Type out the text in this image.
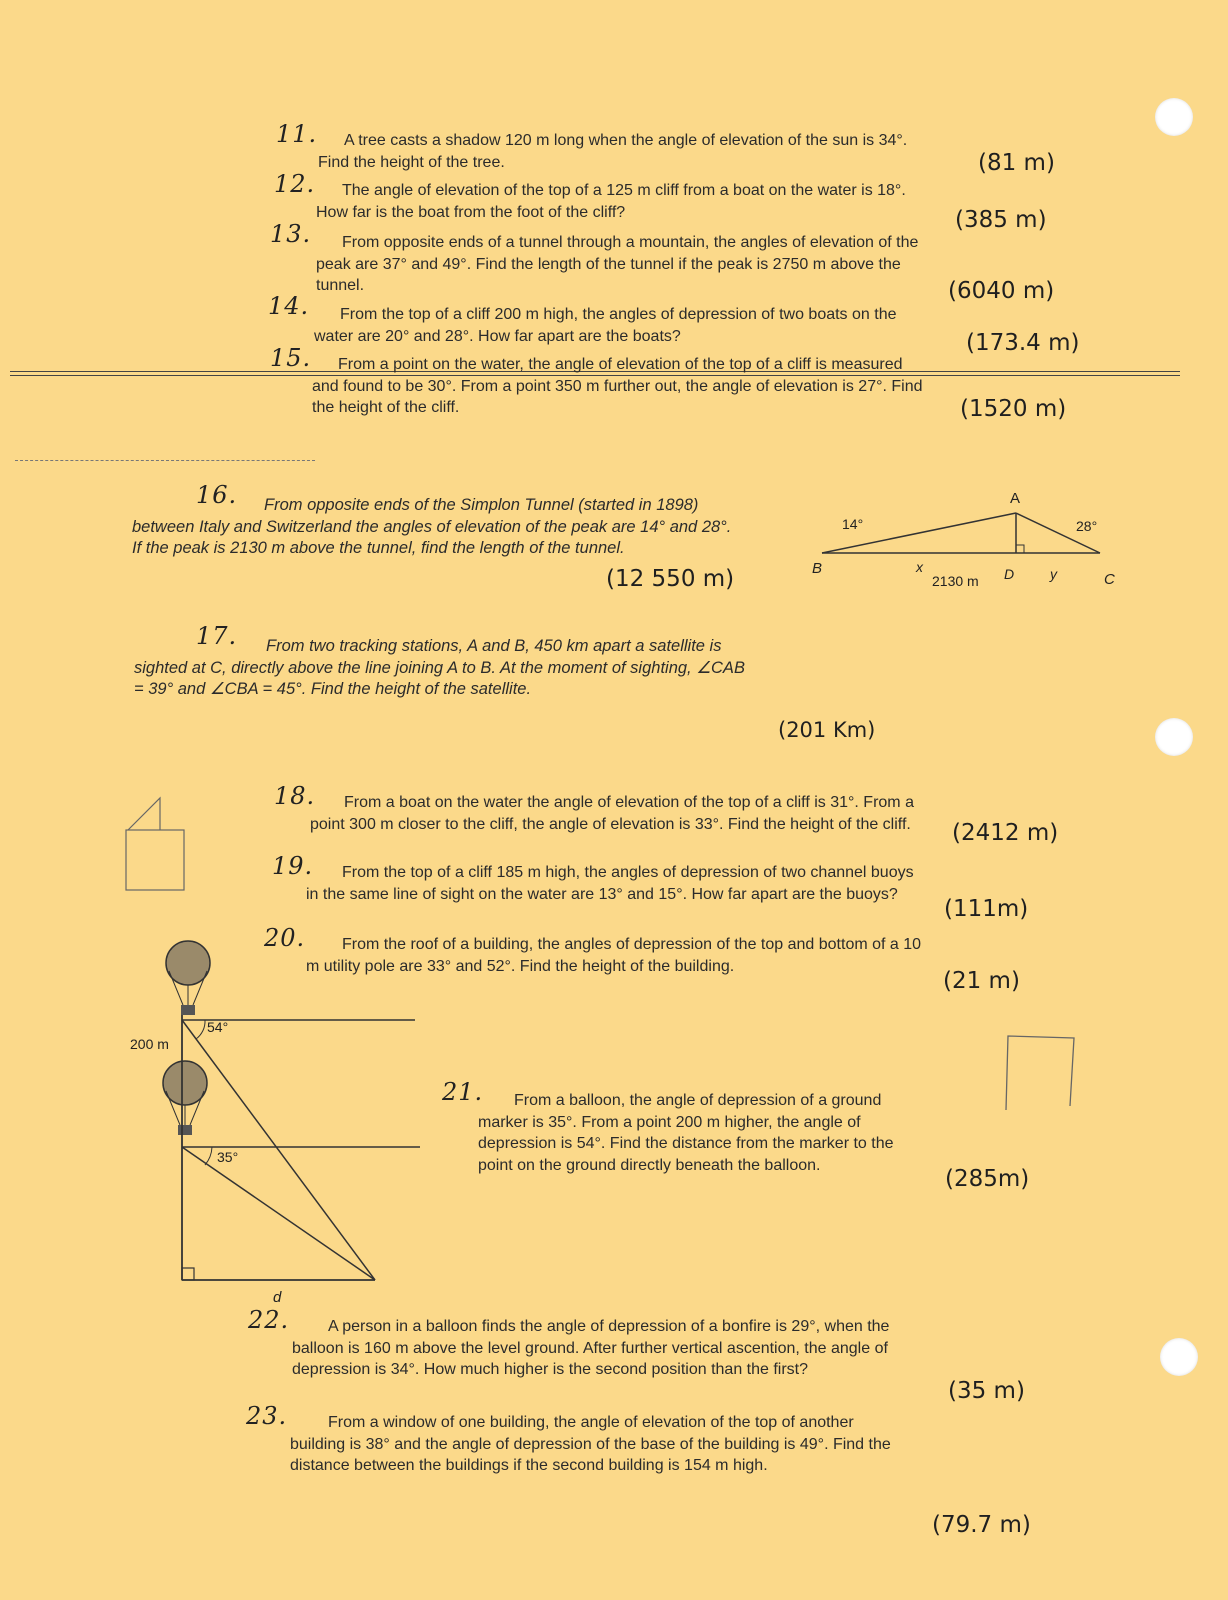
11.	A tree casts a shadow 120 m long when the angle of elevation of the sun is 34°. Find the height of the tree.	(81 m)
12.	The angle of elevation of the top of a 125 m cliff from a boat on the water is 18°. How far is the boat from the foot of the cliff?	(385 m)
13.	From opposite ends of a tunnel through a mountain, the angles of elevation of the peak are 37° and 49°. Find the length of the tunnel if the peak is 2750 m above the tunnel.	(6040 m)
14.	From the top of a cliff 200 m high, the angles of depression of two boats on the water are 20° and 28°. How far apart are the boats?	(173.4 m)
15.	From a point on the water, the angle of elevation of the top of a cliff is measured and found to be 30°. From a point 350 m further out, the angle of elevation is 27°. Find the height of the cliff.	(1520 m)
16.	From opposite ends of the Simplon Tunnel (started in 1898) between Italy and Switzerland the angles of elevation of the peak are 14° and 28°. If the peak is 2130 m above the tunnel, find the length of the tunnel.
(12 550 m)
A
B
C
D
x	y
14°	28°
2130 m
17.	From two tracking stations, A and B, 450 km apart a satellite is sighted at C, directly above the line joining A to B. At the moment of sighting, ∠CAB = 39° and ∠CBA = 45°. Find the height of the satellite.
(201 Km)
18.	From a boat on the water the angle of elevation of the top of a cliff is 31°. From a point 300 m closer to the cliff, the angle of elevation is 33°. Find the height of the cliff.	(2412 m)
19.	From the top of a cliff 185 m high, the angles of depression of two channel buoys in the same line of sight on the water are 13° and 15°. How far apart are the buoys?
(111m)
20.	From the roof of a building, the angles of depression of the top and bottom of a 10 m utility pole are 33° and 52°. Find the height of the building.
(21 m)
54°
35°
200 m
d
21.	From a balloon, the angle of depression of a ground marker is 35°. From a point 200 m higher, the angle of depression is 54°. Find the distance from the marker to the point on the ground directly beneath the balloon.
(285m)
22.	A person in a balloon finds the angle of depression of a bonfire is 29°, when the balloon is 160 m above the level ground. After further vertical ascention, the angle of depression is 34°. How much higher is the second position than the first?
(35 m)
23.	From a window of one building, the angle of elevation of the top of another building is 38° and the angle of depression of the base of the building is 49°. Find the distance between the buildings if the second building is 154 m high.
(79.7 m)
